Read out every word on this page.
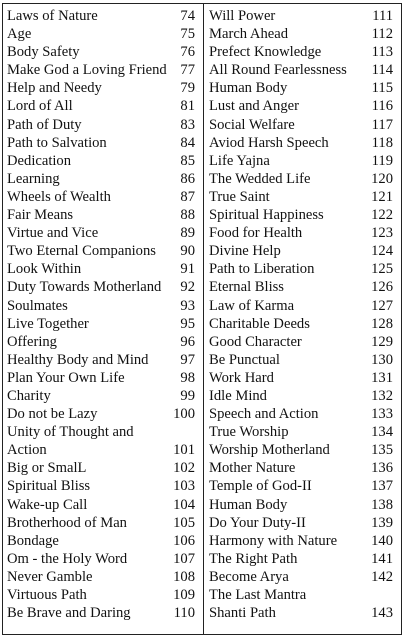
Laws of Nature	74
Age	75
Body Safety	76
Make God a Loving Friend 77
Help and Needy	79
Lord of All	81
Path of Duty	83
Path to Salvation	84
Dedication	85
Learning	86
Wheels of Wealth	87
Fair Means	88
Virtue and Vice	89
Two Eternal Companions 90
Look Within	91
Duty Towards Motherland 92
Soulmates	93
Live Together	95
Offering	96
Healthy Body and Mind 97
Plan Your Own Life	98
Charity	99
Do not be Lazy	100
Unity of Thought and
Action	101
Big or SmalL	102
Spiritual Bliss	103
Wake-up Call	104
Brotherhood of Man	105
Bondage	106
Om - the Holy Word	107
Never Gamble	108
Virtuous Path	109
Be Brave and Daring	110
Will Power	111
March Ahead	112
Prefect Knowledge	113
All Round Fearlessness 114
Human Body	115
Lust and Anger	116
Social Welfare	117
Aviod Harsh Speech	118
Life Yajna	119
The Wedded Life	120
True Saint	121
Spiritual Happiness	122
Food for Health	123
Divine Help	124
Path to Liberation	125
Eternal Bliss	126
Law of Karma	127
Charitable Deeds	128
Good Character	129
Be Punctual	130
Work Hard	131
Idle Mind	132
Speech and Action	133
True Worship	134
Worship Motherland	135
Mother Nature	136
Temple of God-II	137
Human Body	138
Do Your Duty-II	139
Harmony with Nature 140
The Right Path	141
Become Arya	142
The Last Mantra
Shanti Path	143
